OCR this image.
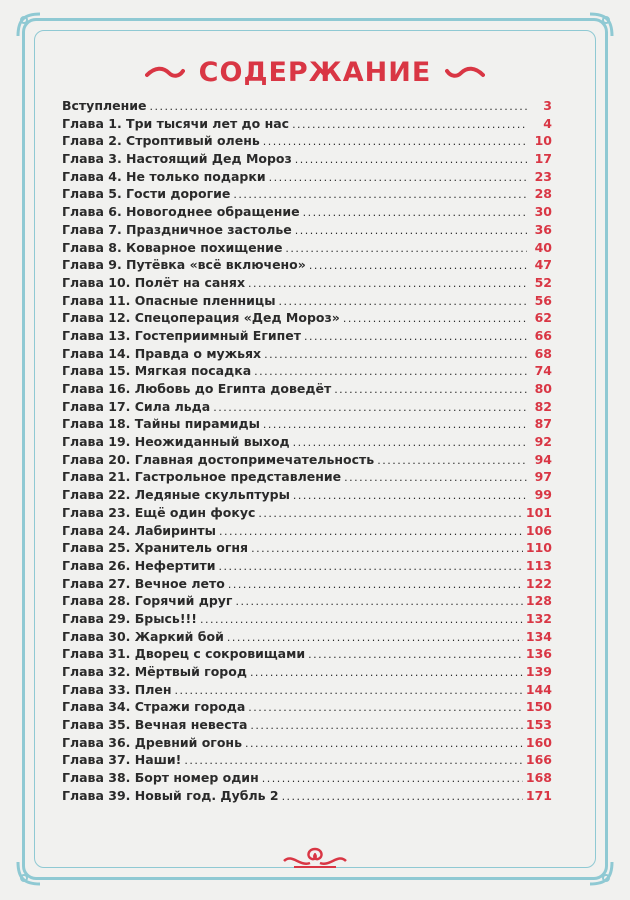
СОДЕРЖАНИЕ
Вступление .....	3
Глава 1. Три тысячи лет до нас .....	4
Глава 2. Строптивый олень .....	10
Глава 3. Настоящий Дед Мороз .....	17
Глава 4. Не только подарки .....	23
Глава 5. Гости дорогие .....	28
Глава 6. Новогоднее обращение .....	30
Глава 7. Праздничное застолье .....	36
Глава 8. Коварное похищение .....	40
Глава 9. Путёвка «всё включено» .....	47
Глава 10. Полёт на санях .....	52
Глава 11. Опасные пленницы .....	56
Глава 12. Спецоперация «Дед Мороз» .....	62
Глава 13. Гостеприимный Египет .....	66
Глава 14. Правда о мужьях .....	68
Глава 15. Мягкая посадка .....	74
Глава 16. Любовь до Египта доведёт .....	80
Глава 17. Сила льда .....	82
Глава 18. Тайны пирамиды .....	87
Глава 19. Неожиданный выход .....	92
Глава 20. Главная достопримечательность .....	94
Глава 21. Гастрольное представление .....	97
Глава 22. Ледяные скульптуры .....	99
Глава 23. Ещё один фокус .....	101
Глава 24. Лабиринты .....	106
Глава 25. Хранитель огня .....	110
Глава 26. Нефертити .....	113
Глава 27. Вечное лето .....	122
Глава 28. Горячий друг .....	128
Глава 29. Брысь!!! .....	132
Глава 30. Жаркий бой .....	134
Глава 31. Дворец с сокровищами .....	136
Глава 32. Мёртвый город .....	139
Глава 33. Плен .....	144
Глава 34. Стражи города .....	150
Глава 35. Вечная невеста .....	153
Глава 36. Древний огонь .....	160
Глава 37. Наши! .....	166
Глава 38. Борт номер один .....	168
Глава 39. Новый год. Дубль 2 .....	171
